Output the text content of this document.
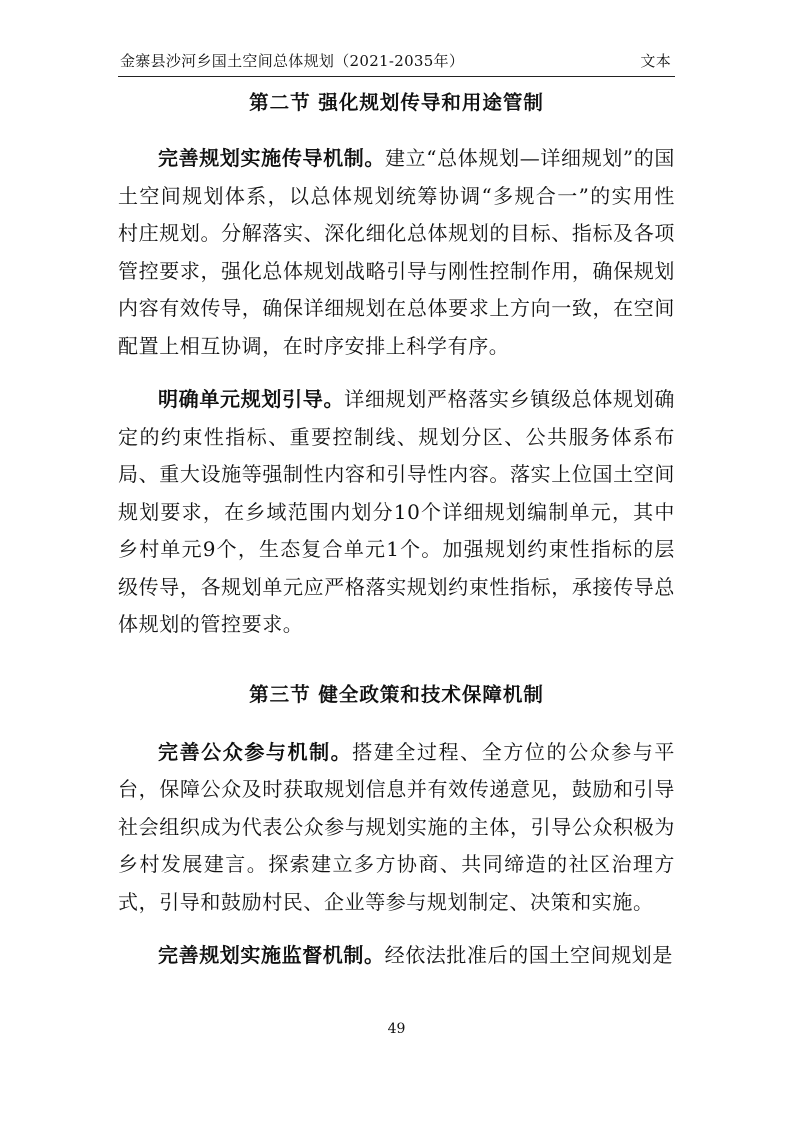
金寨县沙河乡国土空间总体规划（2021-2035年）	文本
第二节 强化规划传导和用途管制

完善规划实施传导机制。建立“总体规划—详细规划”的国土空间规划体系，以总体规划统筹协调“多规合一”的实用性村庄规划。分解落实、深化细化总体规划的目标、指标及各项管控要求，强化总体规划战略引导与刚性控制作用，确保规划内容有效传导，确保详细规划在总体要求上方向一致，在空间配置上相互协调，在时序安排上科学有序。

明确单元规划引导。详细规划严格落实乡镇级总体规划确定的约束性指标、重要控制线、规划分区、公共服务体系布局、重大设施等强制性内容和引导性内容。落实上位国土空间规划要求，在乡域范围内划分10个详细规划编制单元，其中乡村单元9个，生态复合单元1个。加强规划约束性指标的层级传导，各规划单元应严格落实规划约束性指标，承接传导总体规划的管控要求。

第三节 健全政策和技术保障机制

完善公众参与机制。搭建全过程、全方位的公众参与平台，保障公众及时获取规划信息并有效传递意见，鼓励和引导社会组织成为代表公众参与规划实施的主体，引导公众积极为乡村发展建言。探索建立多方协商、共同缔造的社区治理方式，引导和鼓励村民、企业等参与规划制定、决策和实施。

完善规划实施监督机制。经依法批准后的国土空间规划是

49
